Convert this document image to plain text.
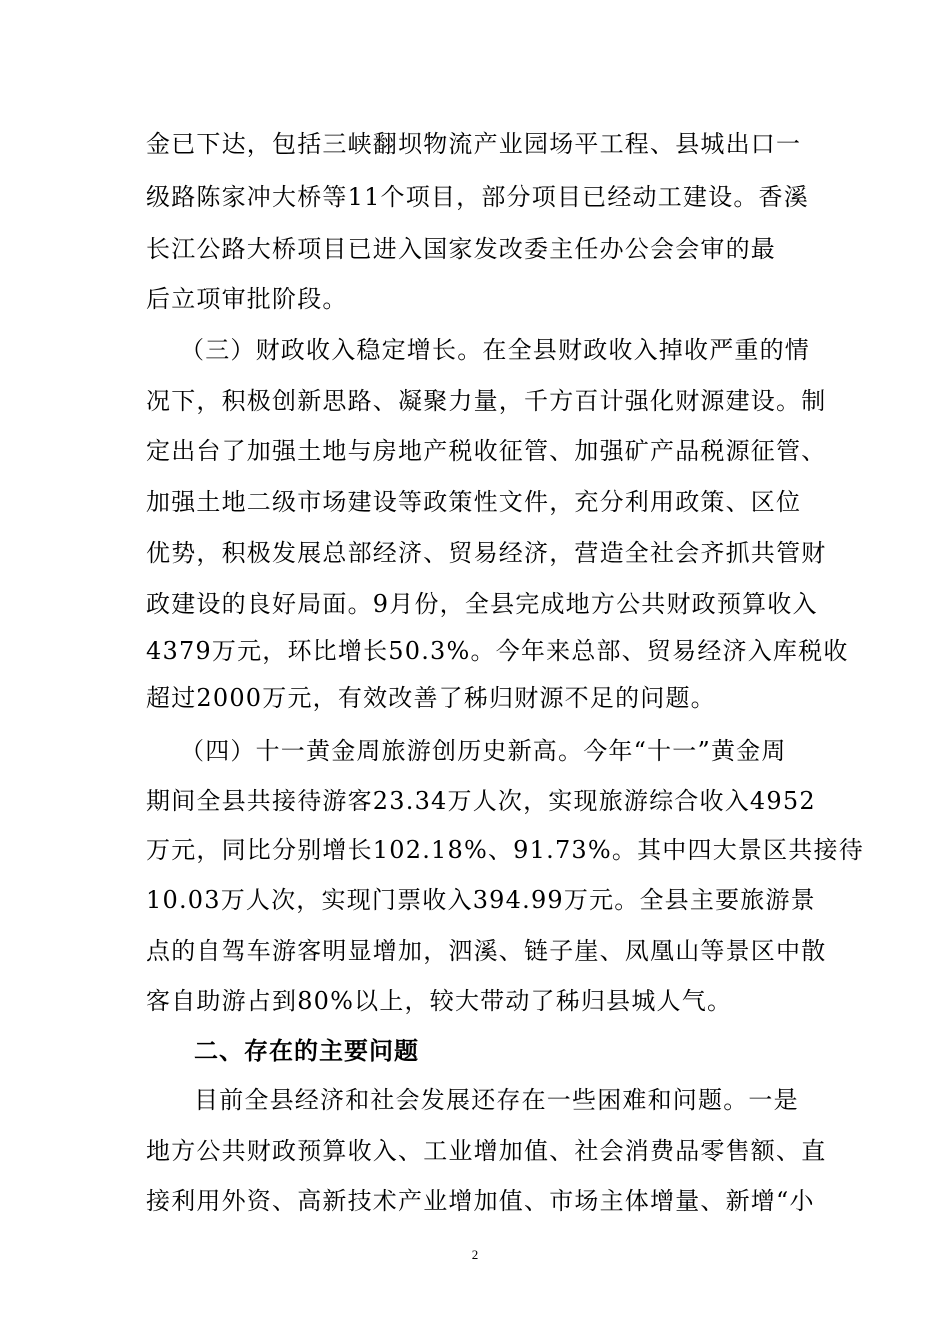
金已下达，包括三峡翻坝物流产业园场平工程、县城出口一
级路陈家冲大桥等11个项目，部分项目已经动工建设。香溪
长江公路大桥项目已进入国家发改委主任办公会会审的最
后立项审批阶段。
（三）财政收入稳定增长。在全县财政收入掉收严重的情
况下，积极创新思路、凝聚力量，千方百计强化财源建设。制
定出台了加强土地与房地产税收征管、加强矿产品税源征管、
加强土地二级市场建设等政策性文件，充分利用政策、区位
优势，积极发展总部经济、贸易经济，营造全社会齐抓共管财
政建设的良好局面。9月份，全县完成地方公共财政预算收入
4379万元，环比增长50.3%。今年来总部、贸易经济入库税收
超过2000万元，有效改善了秭归财源不足的问题。
（四）十一黄金周旅游创历史新高。今年“十一”黄金周
期间全县共接待游客23.34万人次，实现旅游综合收入4952
万元，同比分别增长102.18%、91.73%。其中四大景区共接待
10.03万人次，实现门票收入394.99万元。全县主要旅游景
点的自驾车游客明显增加，泗溪、链子崖、凤凰山等景区中散
客自助游占到80%以上，较大带动了秭归县城人气。
二、存在的主要问题
目前全县经济和社会发展还存在一些困难和问题。一是
地方公共财政预算收入、工业增加值、社会消费品零售额、直
接利用外资、高新技术产业增加值、市场主体增量、新增“小
2
